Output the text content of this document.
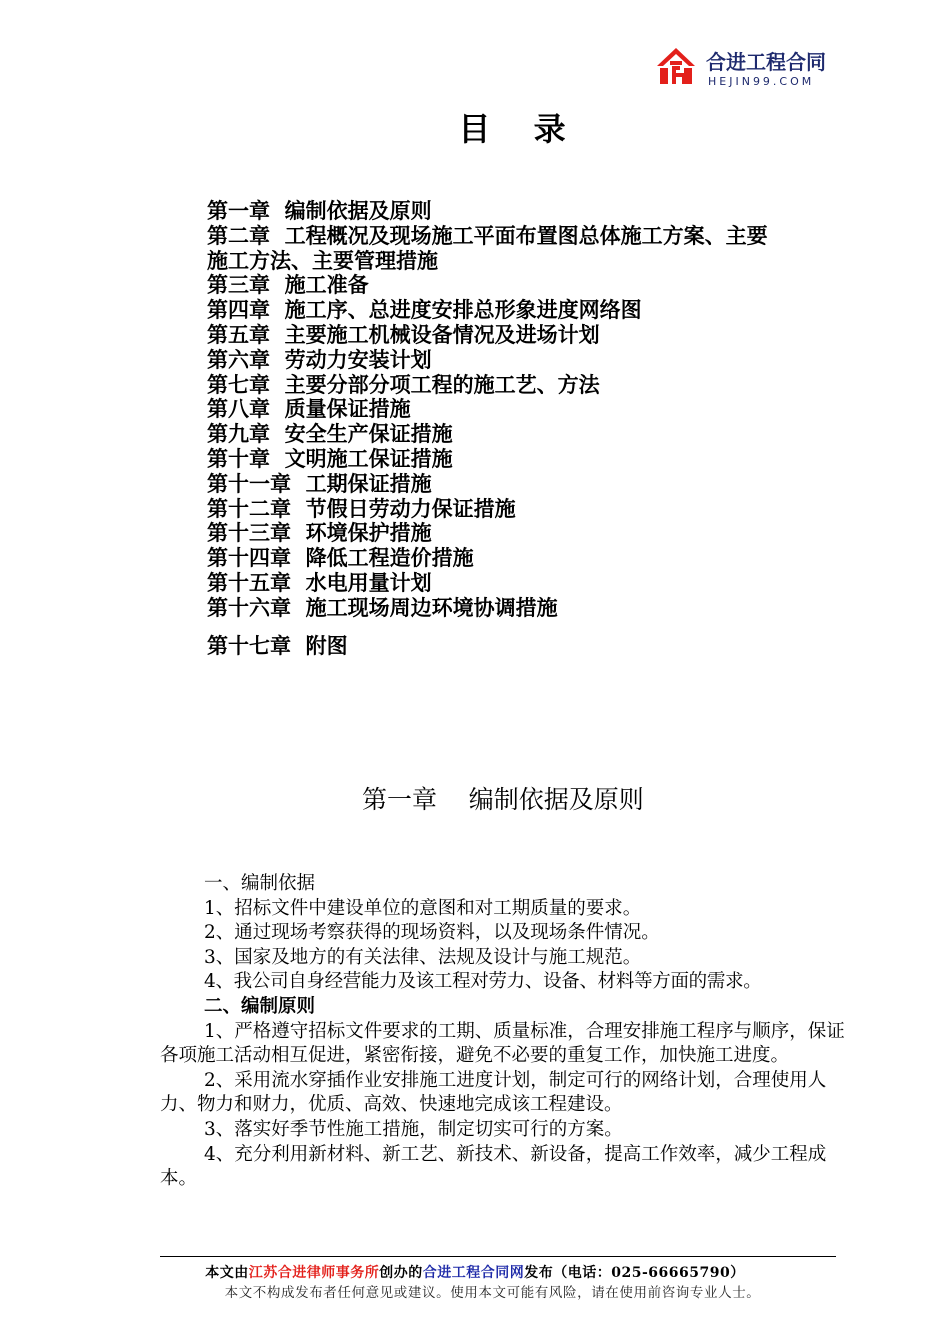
合进工程合同
HEJIN99.COM
目 录
第一章  编制依据及原则
第二章  工程概况及现场施工平面布置图总体施工方案、主要
施工方法、主要管理措施
第三章  施工准备
第四章  施工序、总进度安排总形象进度网络图
第五章  主要施工机械设备情况及进场计划
第六章  劳动力安装计划
第七章  主要分部分项工程的施工艺、方法
第八章  质量保证措施
第九章  安全生产保证措施
第十章  文明施工保证措施
第十一章  工期保证措施
第十二章  节假日劳动力保证措施
第十三章  环境保护措施
第十四章  降低工程造价措施
第十五章  水电用量计划
第十六章  施工现场周边环境协调措施
第十七章  附图
第一章    编制依据及原则

一、编制依据

1、招标文件中建设单位的意图和对工期质量的要求。

2、通过现场考察获得的现场资料，以及现场条件情况。

3、国家及地方的有关法律、法规及设计与施工规范。

4、我公司自身经营能力及该工程对劳力、设备、材料等方面的需求。

二、编制原则

1、严格遵守招标文件要求的工期、质量标准，合理安排施工程序与顺序，保证各项施工活动相互促进，紧密衔接，避免不必要的重复工作，加快施工进度。

2、采用流水穿插作业安排施工进度计划，制定可行的网络计划，合理使用人力、物力和财力，优质、高效、快速地完成该工程建设。

3、落实好季节性施工措施，制定切实可行的方案。

4、充分利用新材料、新工艺、新技术、新设备，提高工作效率，减少工程成本。

本文由江苏合进律师事务所创办的合进工程合同网发布（电话：025-66665790）
本文不构成发布者任何意见或建议。使用本文可能有风险，请在使用前咨询专业人士。
